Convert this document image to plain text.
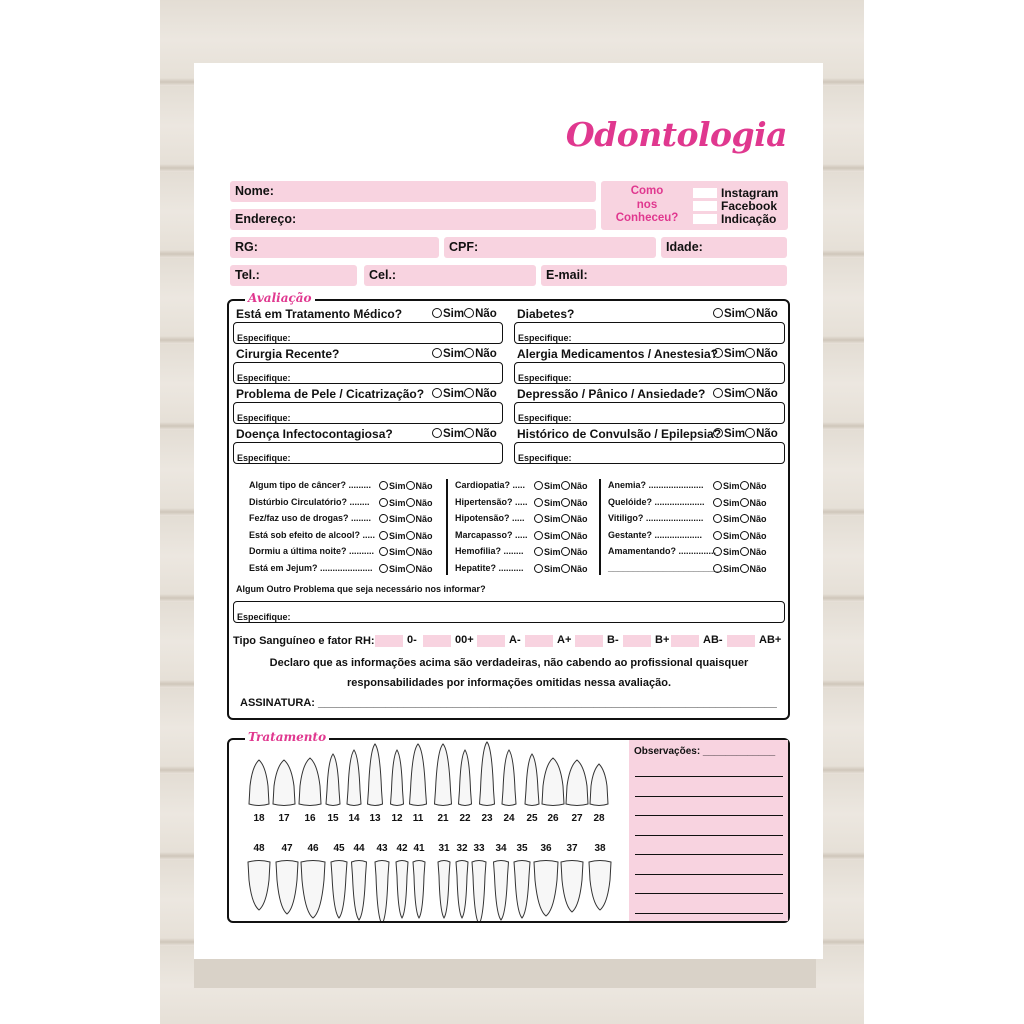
Odontologia
Nome:
Endereço:
Como
nos
Conheceu?
Instagram
Facebook
Indicação
RG:	CPF:	Idade:
Tel.:	Cel.:	E-mail:
Avaliação
Está em Tratamento Médico?	Sim Não
Especifique:
Diabetes?	Sim Não
Especifique:
Cirurgia Recente?	Sim Não
Especifique:
Alergia Medicamentos / Anestesia? Sim Não
Especifique:
Problema de Pele / Cicatrização?	Sim Não
Especifique:
Depressão / Pânico / Ansiedade?	Sim Não
Especifique:
Doença Infectocontagiosa?	Sim Não
Especifique:
Histórico de Convulsão / Epilepsia? Sim Não
Especifique:
Algum tipo de câncer? .........	Sim Não
Distúrbio Circulatório? ........	Sim Não
Fez/faz uso de drogas? ........	Sim Não
Está sob efeito de alcool? .....	Sim Não
Dormiu a última noite? ..........	Sim Não
Está em Jejum? .....................	Sim Não
Cardiopatia? .....	Sim Não
Hipertensão? .....	Sim Não
Hipotensão? .....	Sim Não
Marcapasso? .....	Sim Não
Hemofilia? ........	Sim Não
Hepatite? ..........	Sim Não
Anemia? ......................	Sim Não
Quelóide? ....................	Sim Não
Vitiligo? .......................	Sim Não
Gestante? ...................	Sim Não
Amamentando? ............... Sim Não
_______________________ Sim Não
Algum Outro Problema que seja necessário nos informar?
Especifique:
Tipo Sanguíneo e fator RH:	0-	00+	A-	A+	B-	B+	AB-	AB+
Declaro que as informações acima são verdadeiras, não cabendo ao profissional quaisquer
responsabilidades por informações omitidas nessa avaliação.
ASSINATURA: ___________________________________________________________________________
Tratamento
18	17	16	15 14 13	12	11	21	22	23	24	25 26	27	28
48	47	46	45 44	43 42 41	31 32 33	34 35	36	37	38
Observações: _____________
